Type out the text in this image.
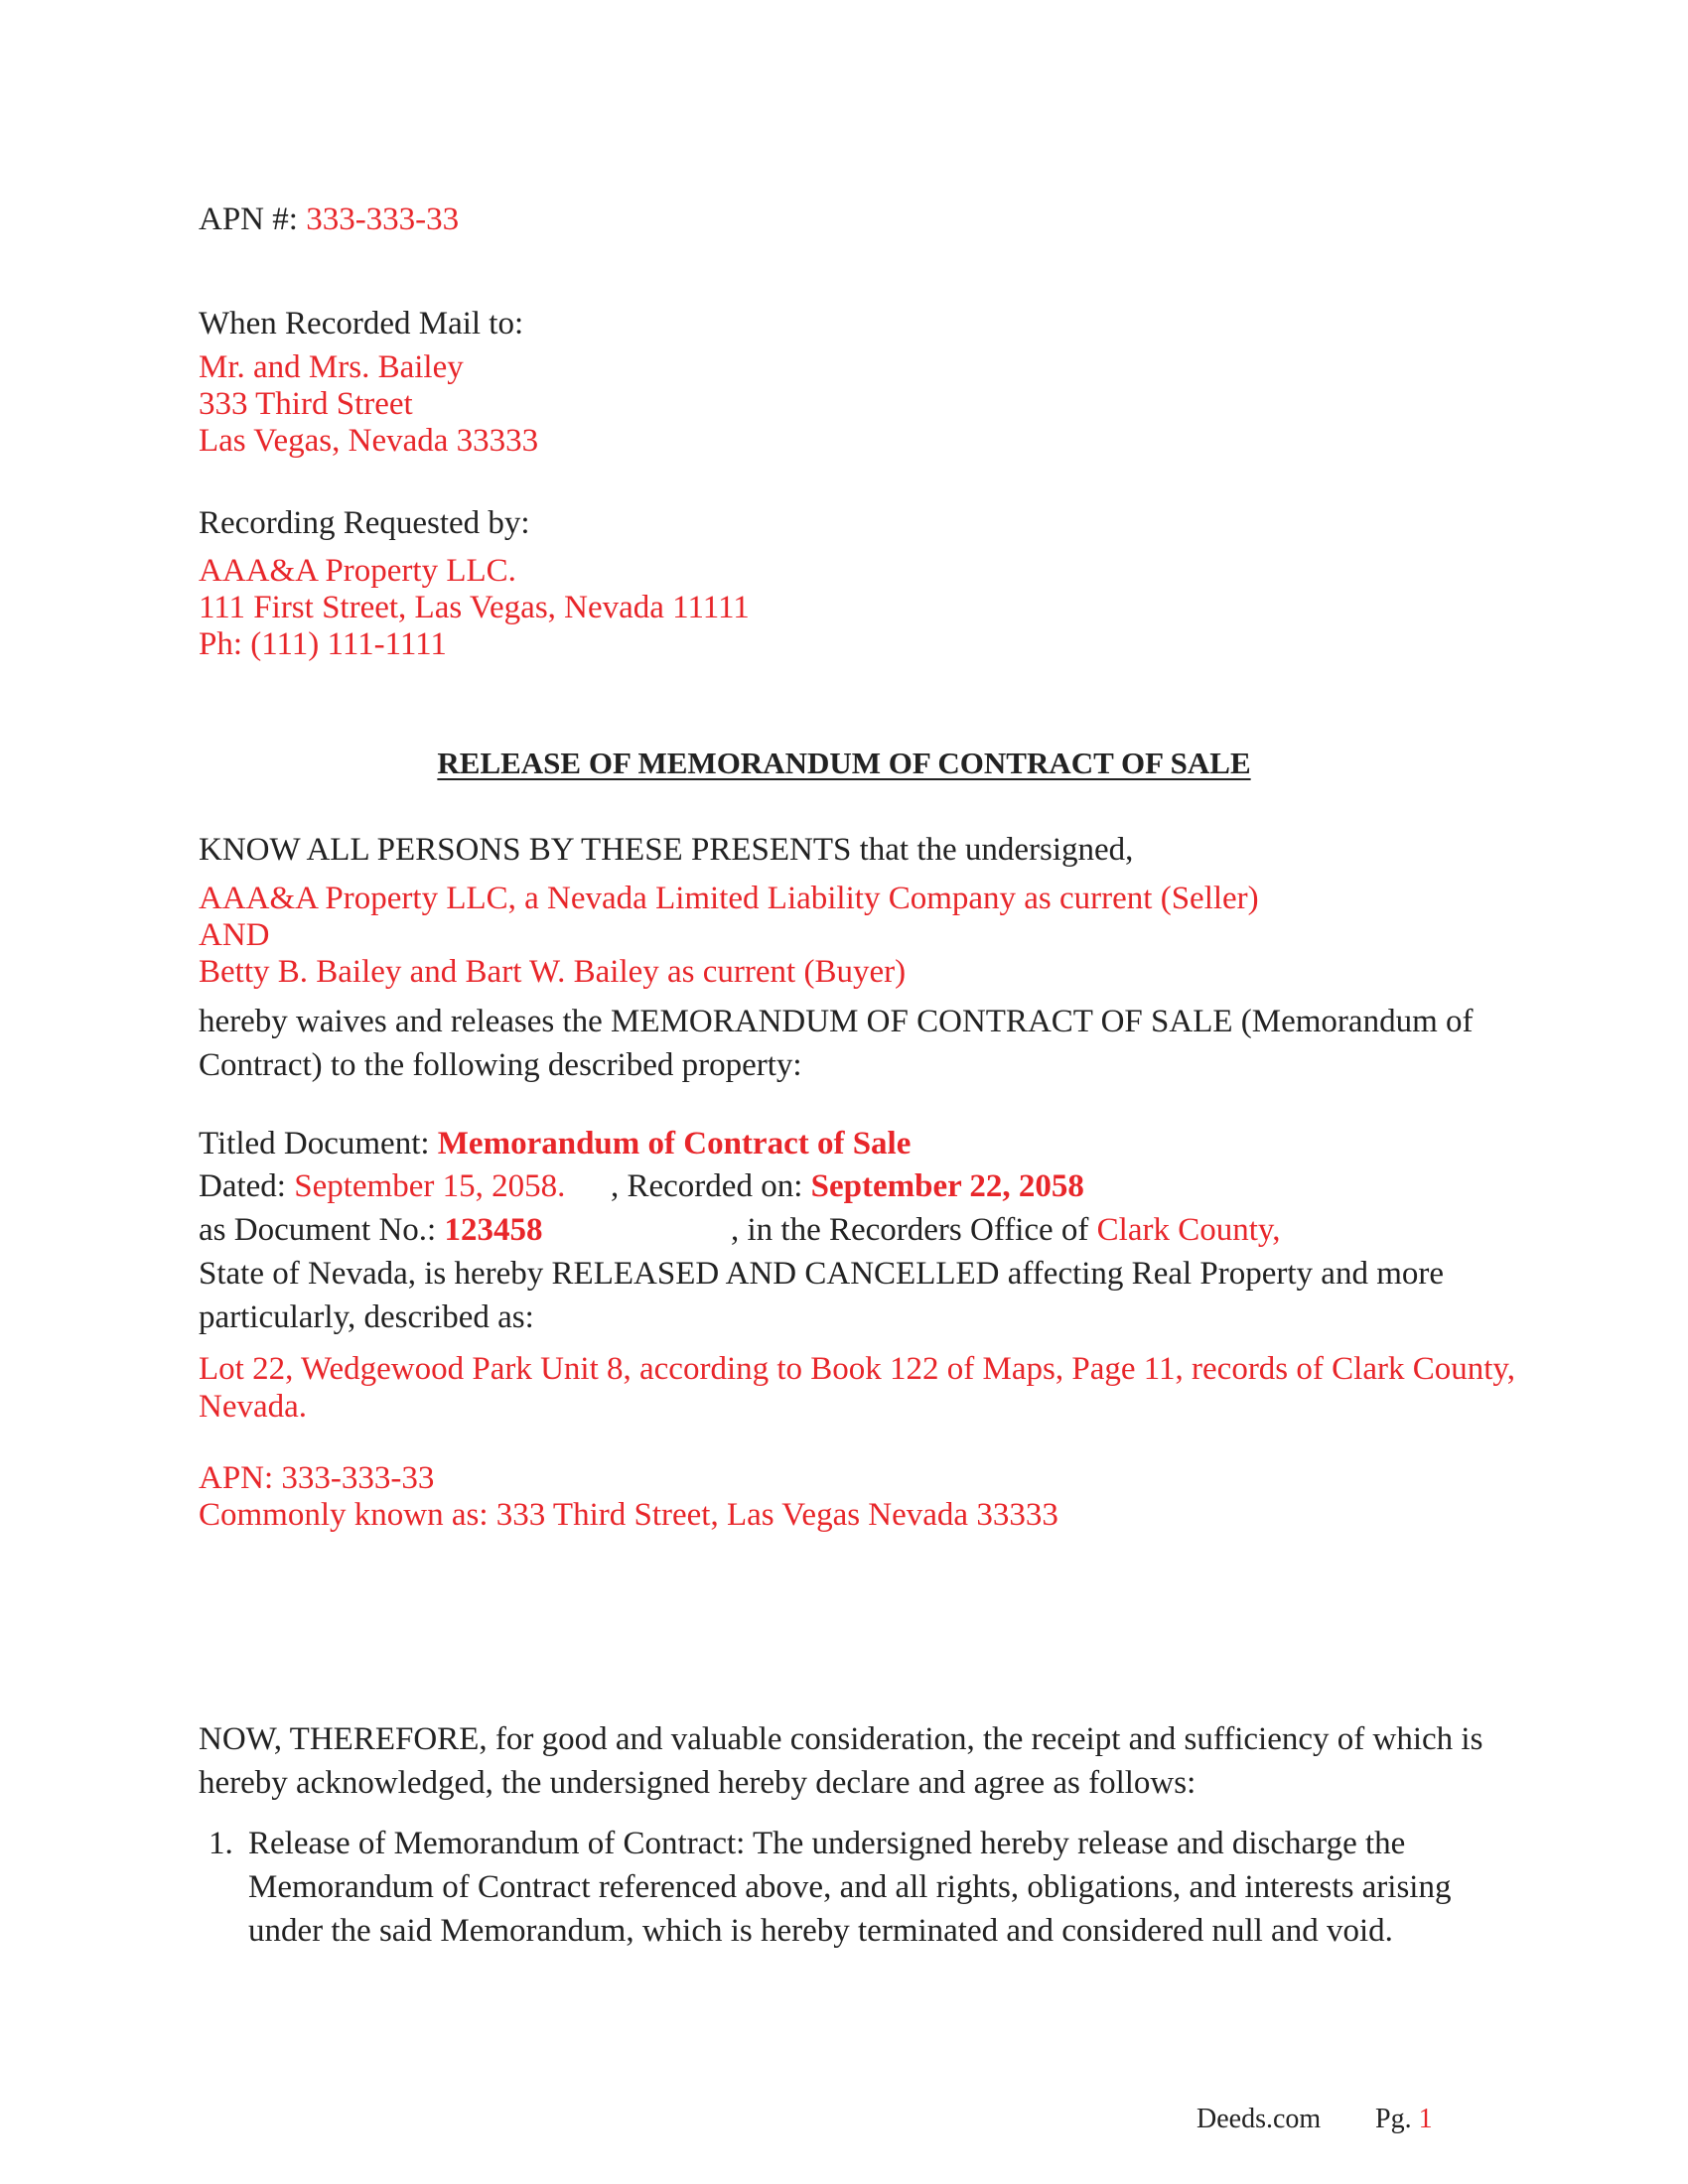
APN #: 333-333-33
When Recorded Mail to:
Mr. and Mrs. Bailey
333 Third Street
Las Vegas, Nevada 33333
Recording Requested by:
AAA&A Property LLC.
111 First Street, Las Vegas, Nevada 11111
Ph: (111) 111-1111
RELEASE OF MEMORANDUM OF CONTRACT OF SALE
KNOW ALL PERSONS BY THESE PRESENTS that the undersigned,
AAA&A Property LLC, a Nevada Limited Liability Company as current (Seller)
AND
Betty B. Bailey and Bart W. Bailey as current (Buyer)
hereby waives and releases the MEMORANDUM OF CONTRACT OF SALE (Memorandum of Contract) to the following described property:
Titled Document: Memorandum of Contract of Sale
Dated: September 15, 2058. , Recorded on: September 22, 2058
as Document No.: 123458	, in the Recorders Office of Clark County,
State of Nevada, is hereby RELEASED AND CANCELLED affecting Real Property and more particularly, described as:
Lot 22, Wedgewood Park Unit 8, according to Book 122 of Maps, Page 11, records of Clark County, Nevada.
APN: 333-333-33
Commonly known as: 333 Third Street, Las Vegas Nevada 33333
NOW, THEREFORE, for good and valuable consideration, the receipt and sufficiency of which is hereby acknowledged, the undersigned hereby declare and agree as follows:
1. Release of Memorandum of Contract: The undersigned hereby release and discharge the Memorandum of Contract referenced above, and all rights, obligations, and interests arising under the said Memorandum, which is hereby terminated and considered null and void.
Deeds.com Pg. 1
